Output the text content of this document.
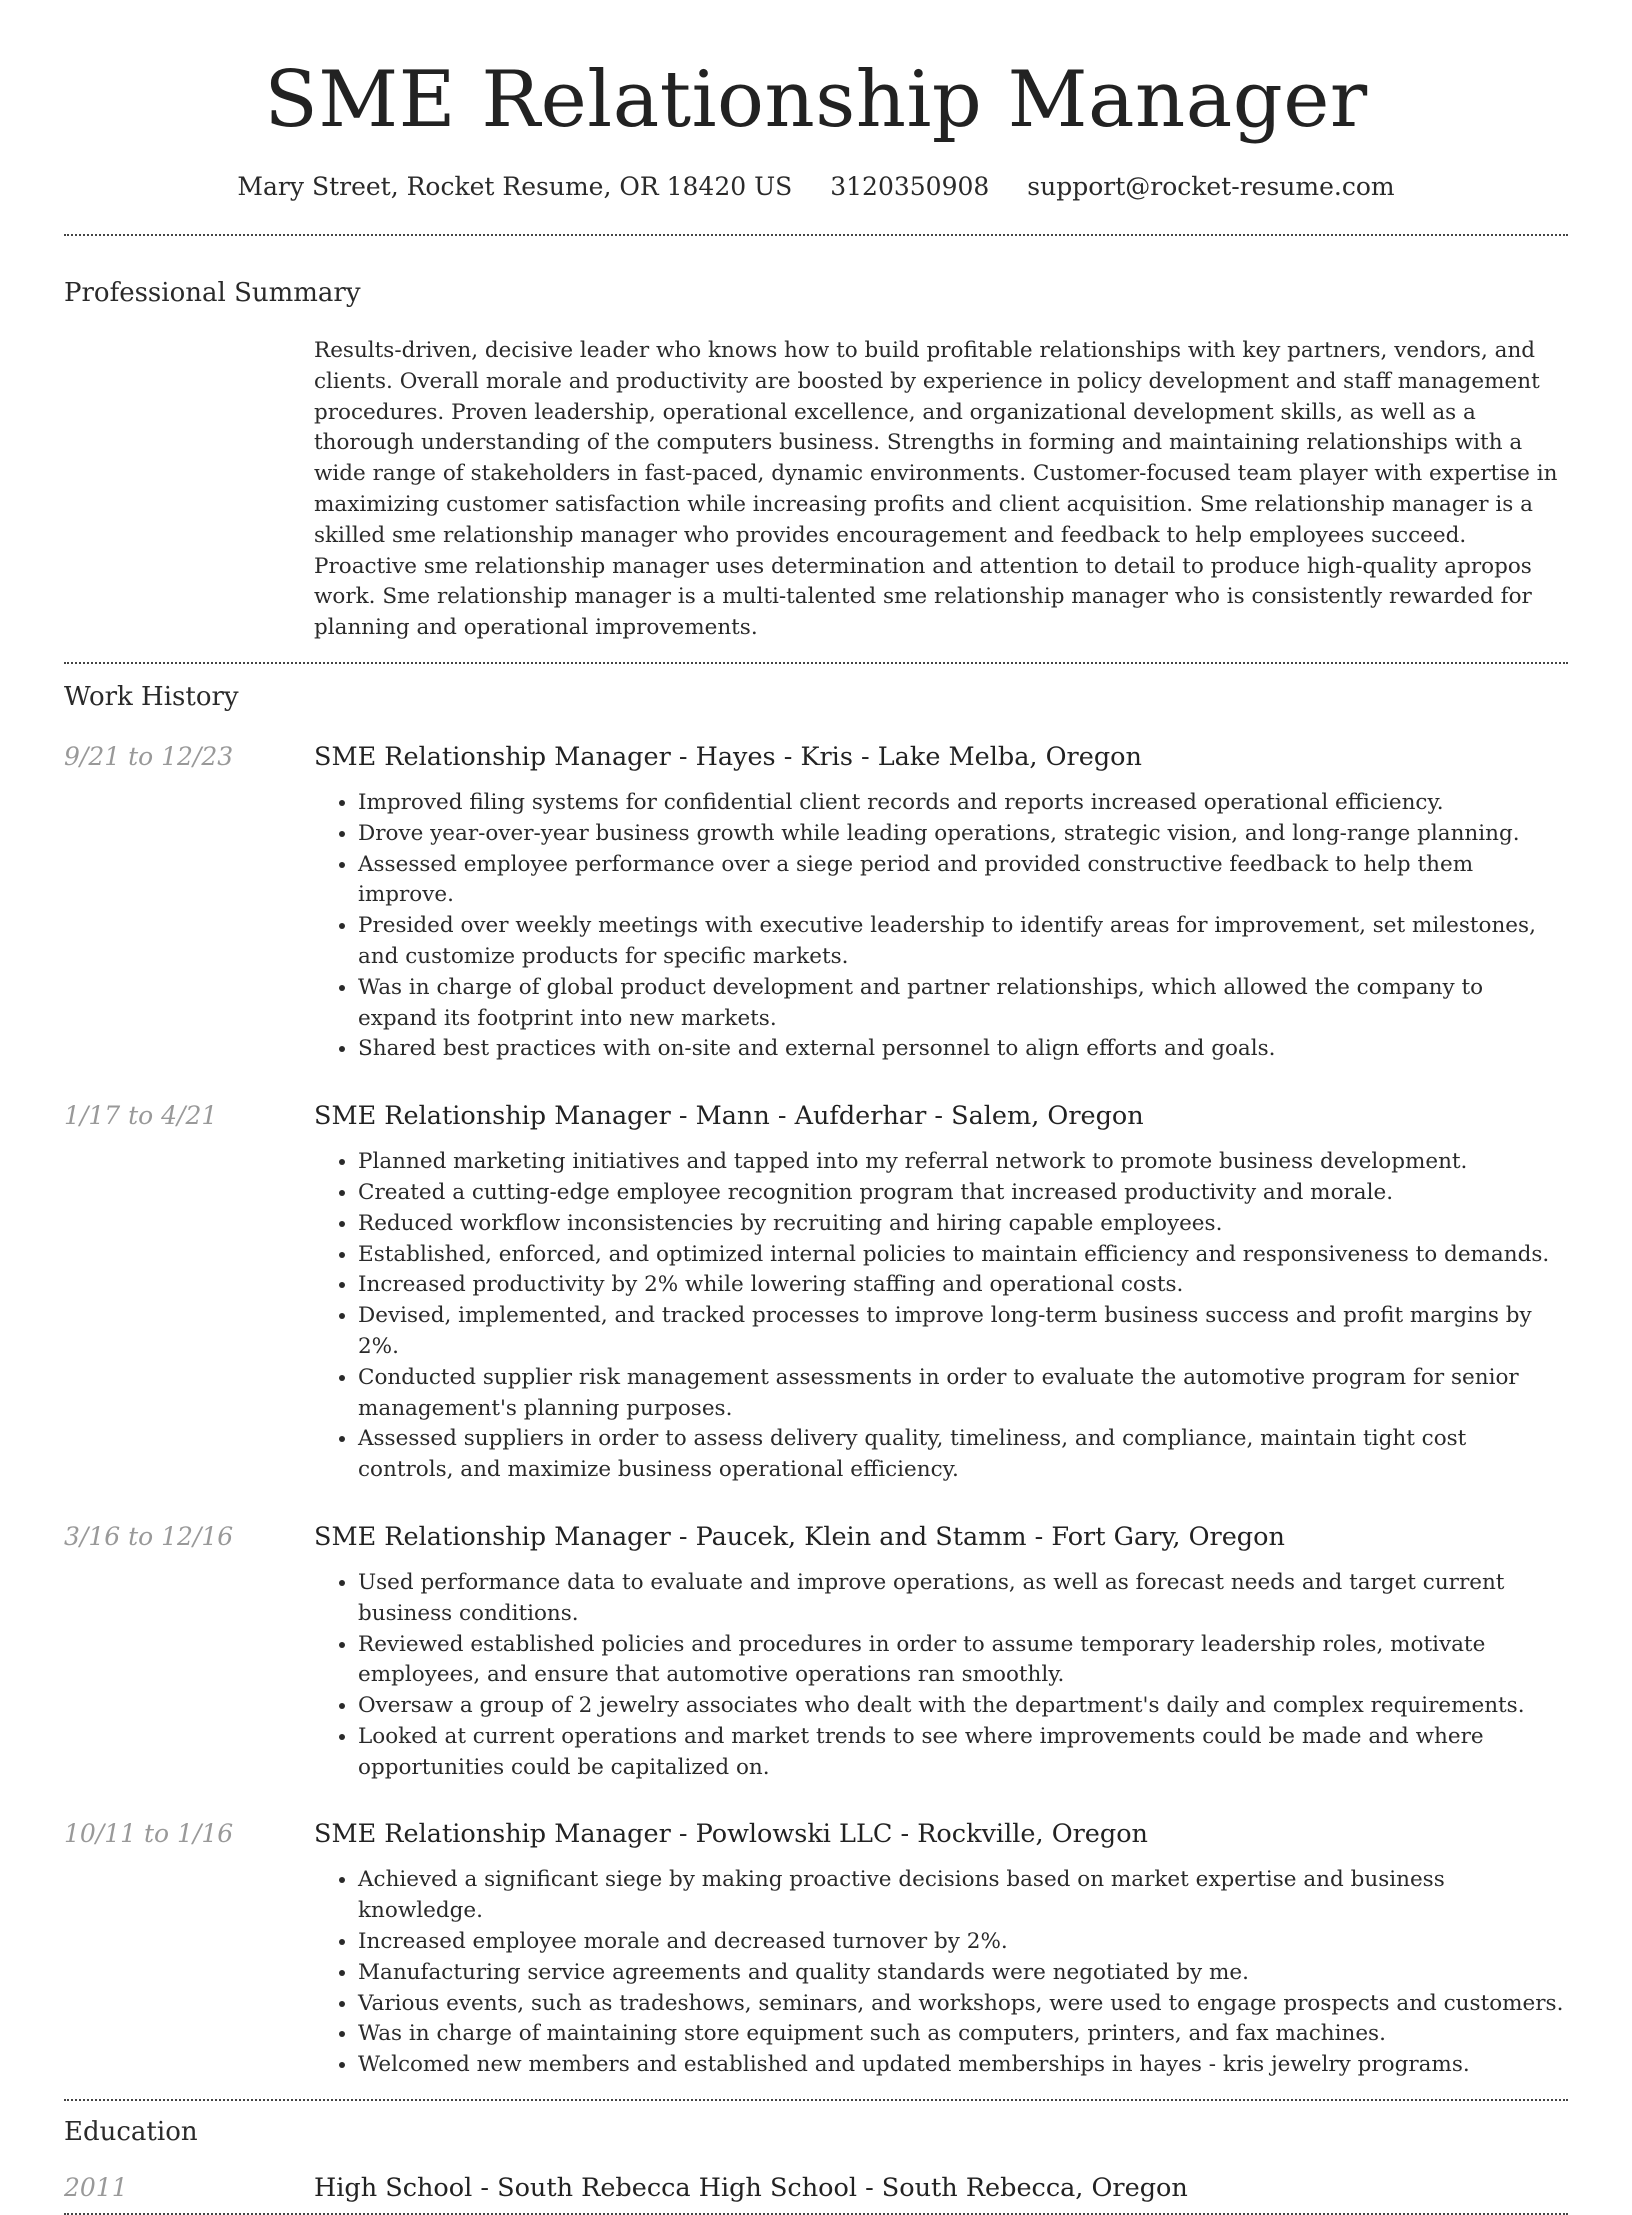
SME Relationship Manager
Mary Street, Rocket Resume, OR 18420 US 3120350908 support@rocket-resume.com
Professional Summary
Results-driven, decisive leader who knows how to build profitable relationships with key partners, vendors, and clients. Overall morale and productivity are boosted by experience in policy development and staff management procedures. Proven leadership, operational excellence, and organizational development skills, as well as a thorough understanding of the computers business. Strengths in forming and maintaining relationships with a wide range of stakeholders in fast-paced, dynamic environments. Customer-focused team player with expertise in maximizing customer satisfaction while increasing profits and client acquisition. Sme relationship manager is a skilled sme relationship manager who provides encouragement and feedback to help employees succeed. Proactive sme relationship manager uses determination and attention to detail to produce high-quality apropos work. Sme relationship manager is a multi-talented sme relationship manager who is consistently rewarded for planning and operational improvements.
Work History
9/21 to 12/23	SME Relationship Manager - Hayes - Kris - Lake Melba, Oregon
• Improved filing systems for confidential client records and reports increased operational efficiency.
• Drove year-over-year business growth while leading operations, strategic vision, and long-range planning.
• Assessed employee performance over a siege period and provided constructive feedback to help them improve.
• Presided over weekly meetings with executive leadership to identify areas for improvement, set milestones, and customize products for specific markets.
• Was in charge of global product development and partner relationships, which allowed the company to expand its footprint into new markets.
• Shared best practices with on-site and external personnel to align efforts and goals.
1/17 to 4/21	SME Relationship Manager - Mann - Aufderhar - Salem, Oregon
• Planned marketing initiatives and tapped into my referral network to promote business development.
• Created a cutting-edge employee recognition program that increased productivity and morale.
• Reduced workflow inconsistencies by recruiting and hiring capable employees.
• Established, enforced, and optimized internal policies to maintain efficiency and responsiveness to demands.
• Increased productivity by 2% while lowering staffing and operational costs.
• Devised, implemented, and tracked processes to improve long-term business success and profit margins by 2%.
• Conducted supplier risk management assessments in order to evaluate the automotive program for senior management's planning purposes.
• Assessed suppliers in order to assess delivery quality, timeliness, and compliance, maintain tight cost controls, and maximize business operational efficiency.
3/16 to 12/16	SME Relationship Manager - Paucek, Klein and Stamm - Fort Gary, Oregon
• Used performance data to evaluate and improve operations, as well as forecast needs and target current business conditions.
• Reviewed established policies and procedures in order to assume temporary leadership roles, motivate employees, and ensure that automotive operations ran smoothly.
• Oversaw a group of 2 jewelry associates who dealt with the department's daily and complex requirements.
• Looked at current operations and market trends to see where improvements could be made and where opportunities could be capitalized on.
10/11 to 1/16	SME Relationship Manager - Powlowski LLC - Rockville, Oregon
• Achieved a significant siege by making proactive decisions based on market expertise and business knowledge.
• Increased employee morale and decreased turnover by 2%.
• Manufacturing service agreements and quality standards were negotiated by me.
• Various events, such as tradeshows, seminars, and workshops, were used to engage prospects and customers.
• Was in charge of maintaining store equipment such as computers, printers, and fax machines.
• Welcomed new members and established and updated memberships in hayes - kris jewelry programs.
Education
2011	High School - South Rebecca High School - South Rebecca, Oregon
